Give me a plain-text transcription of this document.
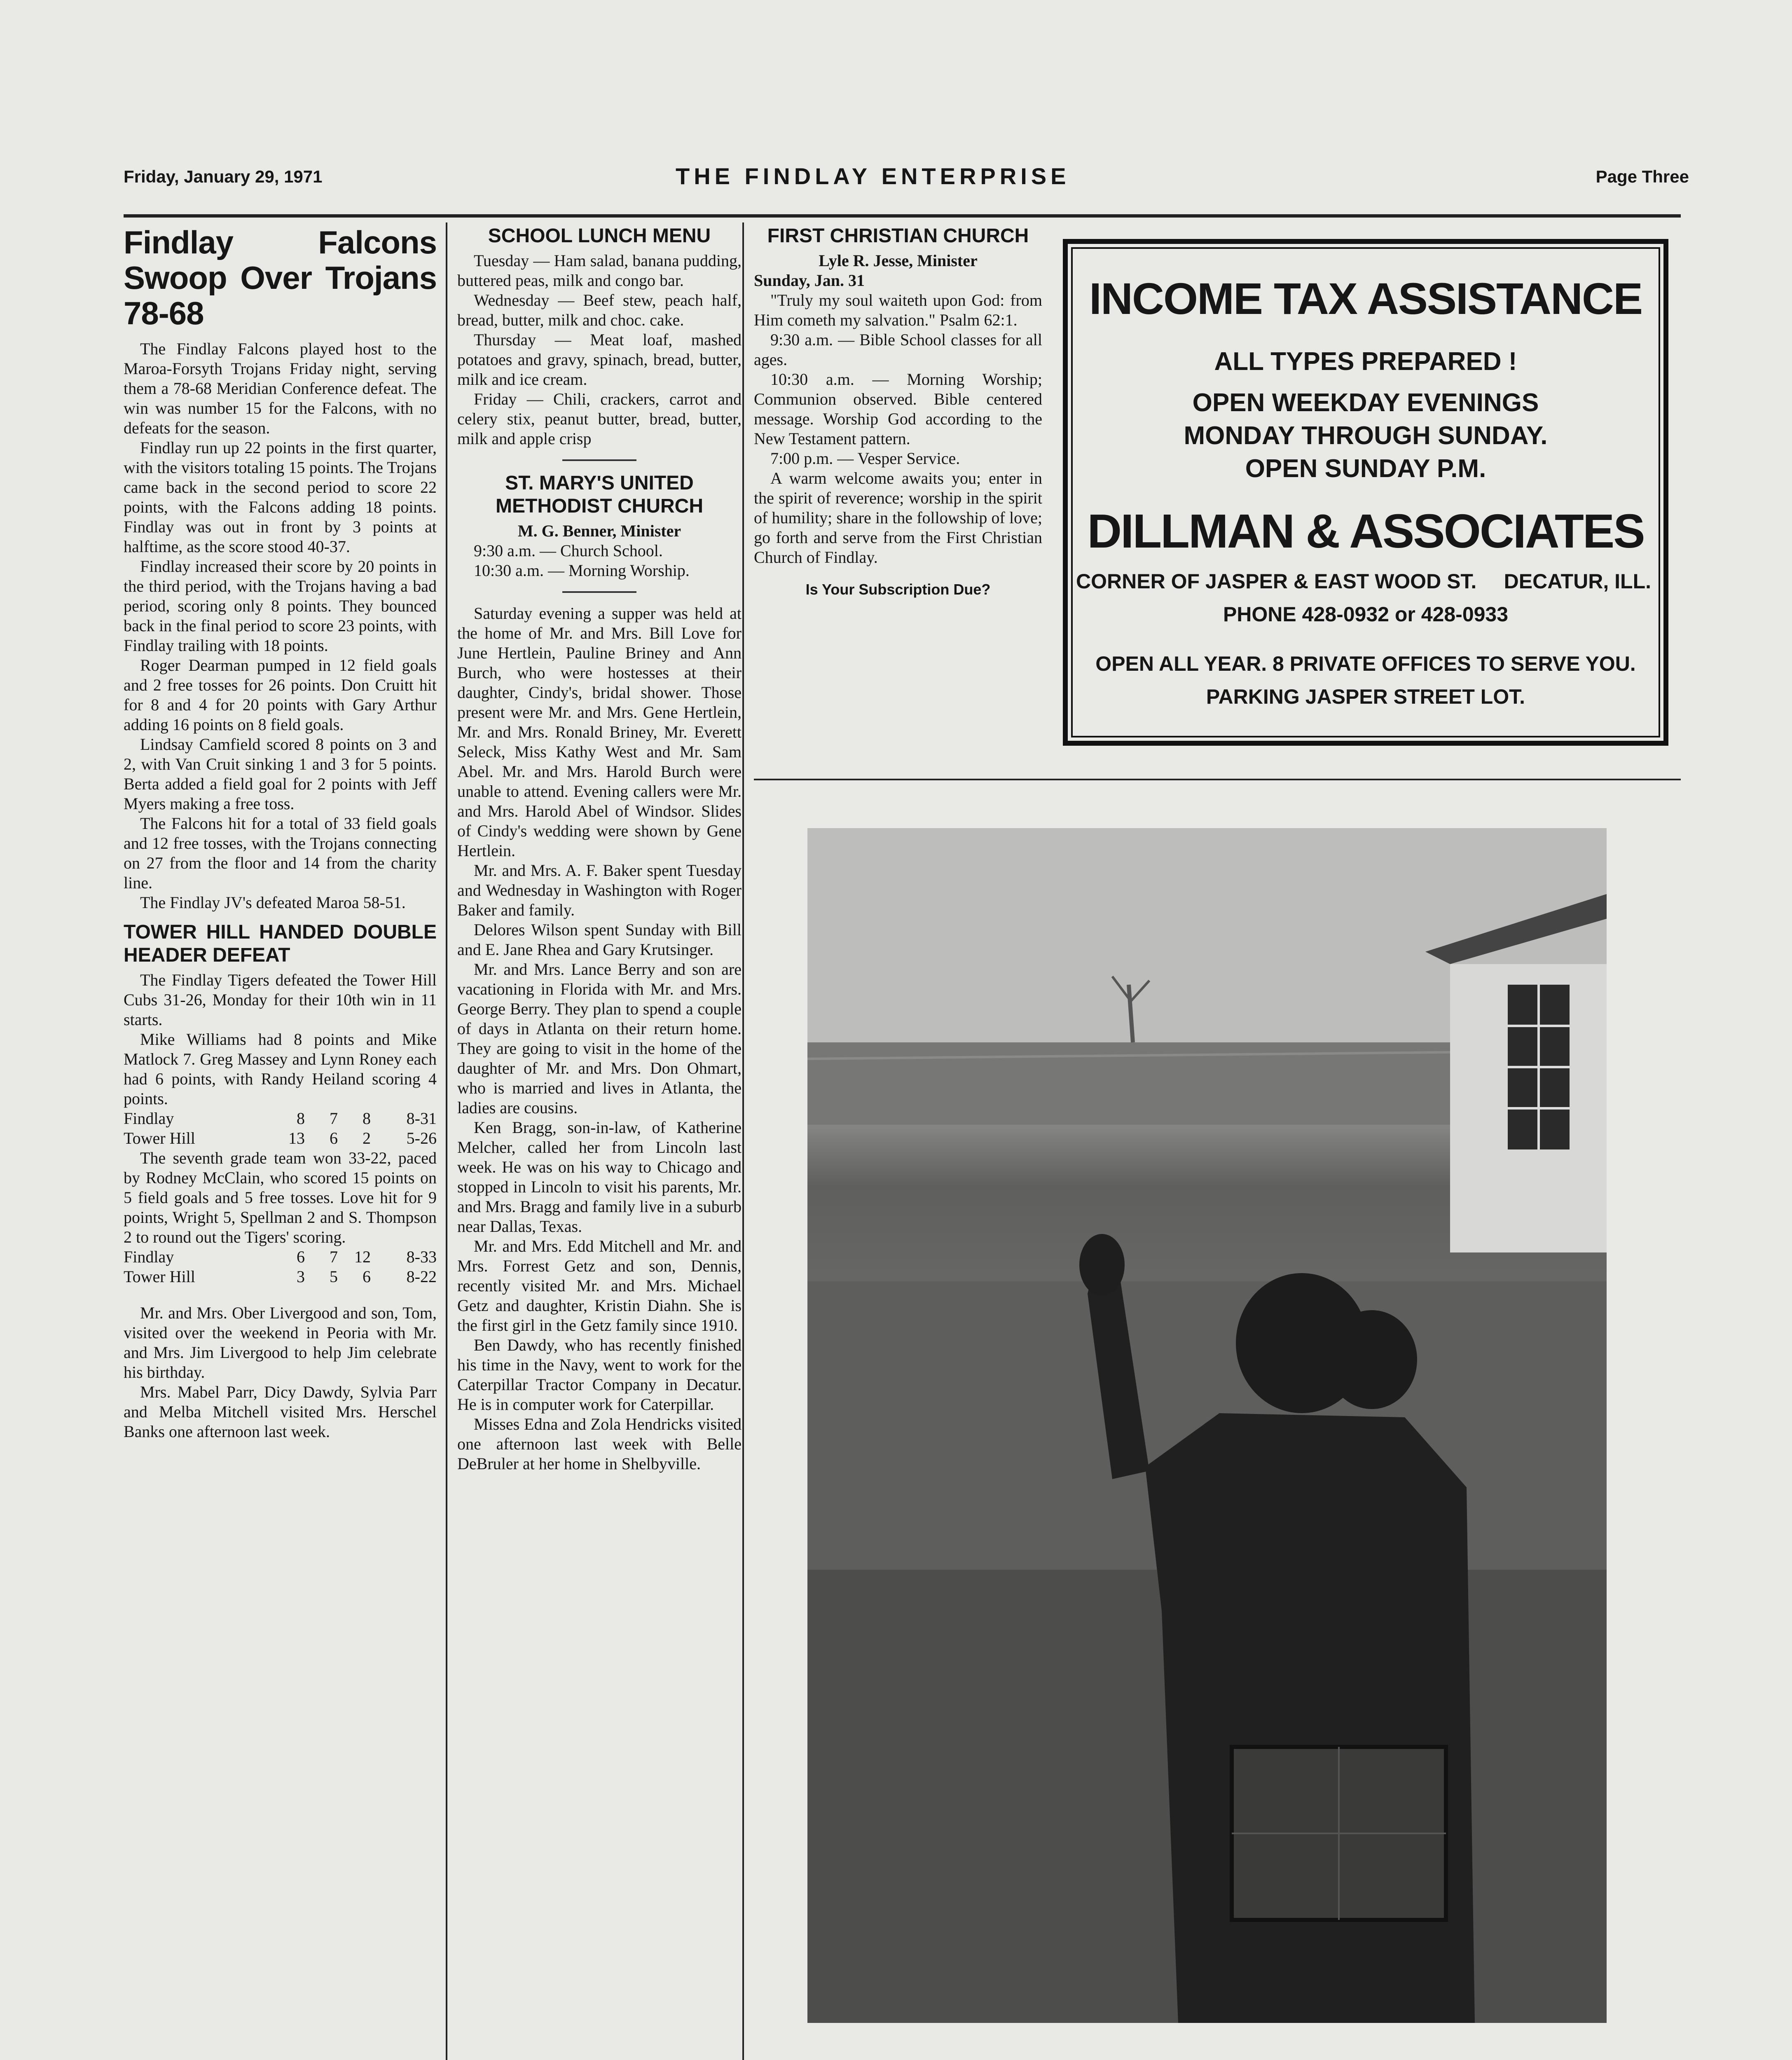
Friday, January 29, 1971	THE FINDLAY ENTERPRISE	Page Three
Findlay Falcons Swoop Over Trojans 78-68

The Findlay Falcons played host to the Maroa-Forsyth Trojans Friday night, serving them a 78-68 Meridian Conference defeat. The win was number 15 for the Falcons, with no defeats for the season.

Findlay run up 22 points in the first quarter, with the visitors totaling 15 points. The Trojans came back in the second period to score 22 points, with the Falcons adding 18 points. Findlay was out in front by 3 points at halftime, as the score stood 40-37.

Findlay increased their score by 20 points in the third period, with the Trojans having a bad period, scoring only 8 points. They bounced back in the final period to score 23 points, with Findlay trailing with 18 points.

Roger Dearman pumped in 12 field goals and 2 free tosses for 26 points. Don Cruitt hit for 8 and 4 for 20 points with Gary Arthur adding 16 points on 8 field goals.

Lindsay Camfield scored 8 points on 3 and 2, with Van Cruit sinking 1 and 3 for 5 points. Berta added a field goal for 2 points with Jeff Myers making a free toss.

The Falcons hit for a total of 33 field goals and 12 free tosses, with the Trojans connecting on 27 from the floor and 14 from the charity line.

The Findlay JV's defeated Maroa 58-51.

TOWER HILL HANDED DOUBLE HEADER DEFEAT

The Findlay Tigers defeated the Tower Hill Cubs 31-26, Monday for their 10th win in 11 starts.

Mike Williams had 8 points and Mike Matlock 7. Greg Massey and Lynn Roney each had 6 points, with Randy Heiland scoring 4 points.

Findlay	8	7	8	8-31
Tower Hill	13	6	2	5-26

The seventh grade team won 33-22, paced by Rodney McClain, who scored 15 points on 5 field goals and 5 free tosses. Love hit for 9 points, Wright 5, Spellman 2 and S. Thompson 2 to round out the Tigers' scoring.

Findlay	6	7	12	8-33
Tower Hill	3	5	6	8-22

Mr. and Mrs. Ober Livergood and son, Tom, visited over the weekend in Peoria with Mr. and Mrs. Jim Livergood to help Jim celebrate his birthday.

Mrs. Mabel Parr, Dicy Dawdy, Sylvia Parr and Melba Mitchell visited Mrs. Herschel Banks one afternoon last week.

SCHOOL LUNCH MENU

Tuesday — Ham salad, banana pudding, buttered peas, milk and congo bar.

Wednesday — Beef stew, peach half, bread, butter, milk and choc. cake.

Thursday — Meat loaf, mashed potatoes and gravy, spinach, bread, butter, milk and ice cream.

Friday — Chili, crackers, carrot and celery stix, peanut butter, bread, butter, milk and apple crisp

ST. MARY'S UNITED METHODIST CHURCH
M. G. Benner, Minister

9:30 a.m. — Church School.

10:30 a.m. — Morning Worship.

Saturday evening a supper was held at the home of Mr. and Mrs. Bill Love for June Hertlein, Pauline Briney and Ann Burch, who were hostesses at their daughter, Cindy's, bridal shower. Those present were Mr. and Mrs. Gene Hertlein, Mr. and Mrs. Ronald Briney, Mr. Everett Seleck, Miss Kathy West and Mr. Sam Abel. Mr. and Mrs. Harold Burch were unable to attend. Evening callers were Mr. and Mrs. Harold Abel of Windsor. Slides of Cindy's wedding were shown by Gene Hertlein.

Mr. and Mrs. A. F. Baker spent Tuesday and Wednesday in Washington with Roger Baker and family.

Delores Wilson spent Sunday with Bill and E. Jane Rhea and Gary Krutsinger.

Mr. and Mrs. Lance Berry and son are vacationing in Florida with Mr. and Mrs. George Berry. They plan to spend a couple of days in Atlanta on their return home. They are going to visit in the home of the daughter of Mr. and Mrs. Don Ohmart, who is married and lives in Atlanta, the ladies are cousins.

Ken Bragg, son-in-law, of Katherine Melcher, called her from Lincoln last week. He was on his way to Chicago and stopped in Lincoln to visit his parents, Mr. and Mrs. Bragg and family live in a suburb near Dallas, Texas.

Mr. and Mrs. Edd Mitchell and Mr. and Mrs. Forrest Getz and son, Dennis, recently visited Mr. and Mrs. Michael Getz and daughter, Kristin Diahn. She is the first girl in the Getz family since 1910.

Ben Dawdy, who has recently finished his time in the Navy, went to work for the Caterpillar Tractor Company in Decatur. He is in computer work for Caterpillar.

Misses Edna and Zola Hendricks visited one afternoon last week with Belle DeBruler at her home in Shelbyville.

FIRST CHRISTIAN CHURCH
Lyle R. Jesse, Minister

Sunday, Jan. 31

"Truly my soul waiteth upon God: from Him cometh my salvation." Psalm 62:1.

9:30 a.m. — Bible School classes for all ages.

10:30 a.m. — Morning Worship; Communion observed. Bible centered message. Worship God according to the New Testament pattern.

7:00 p.m. — Vesper Service.

A warm welcome awaits you; enter in the spirit of reverence; worship in the spirit of humility; share in the followship of love; go forth and serve from the First Christian Church of Findlay.

Is Your Subscription Due?
INCOME TAX ASSISTANCE
ALL TYPES PREPARED !
OPEN WEEKDAY EVENINGS
MONDAY THROUGH SUNDAY.
OPEN SUNDAY P.M.
DILLMAN & ASSOCIATES
CORNER OF JASPER & EAST WOOD ST. DECATUR, ILL.
PHONE 428-0932 or 428-0933
OPEN ALL YEAR. 8 PRIVATE OFFICES TO SERVE YOU.
PARKING JASPER STREET LOT.
